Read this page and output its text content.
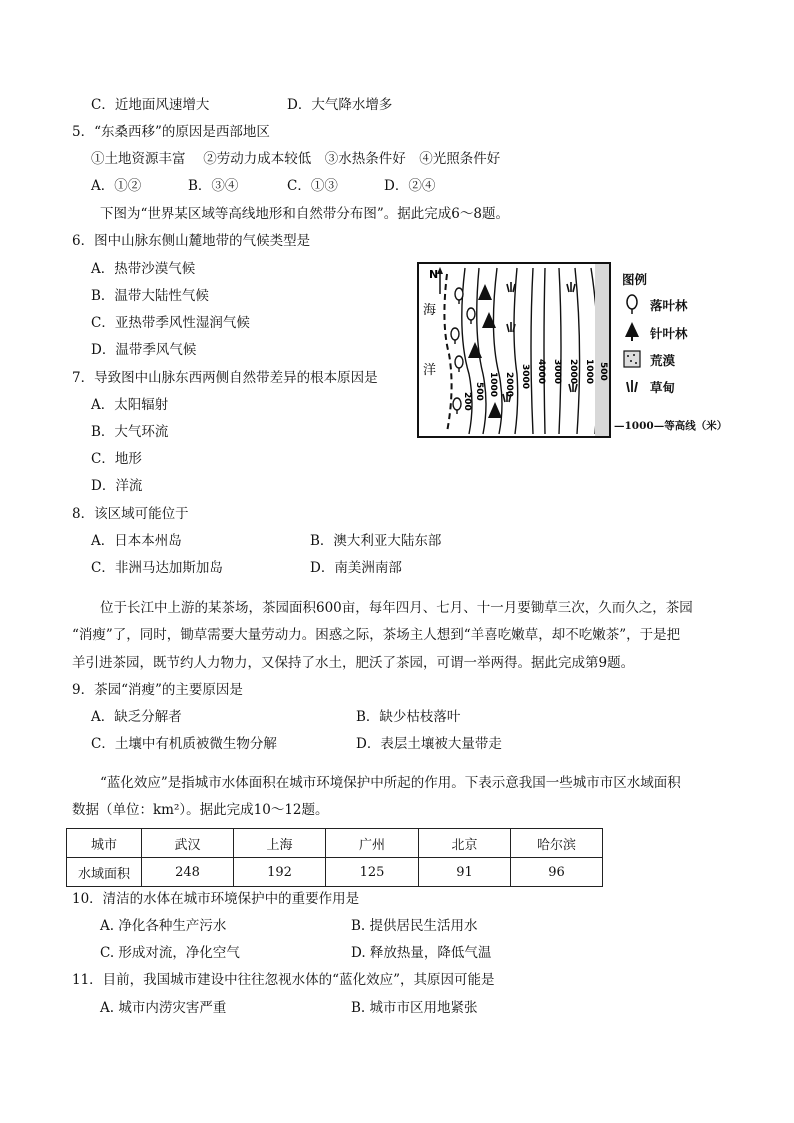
C．近地面风速增大	D．大气降水增多
5．“东桑西移”的原因是西部地区
①土地资源丰富　 ②劳动力成本较低　③水热条件好　④光照条件好
A．①②	B．③④	C．①③	D．②④
下图为“世界某区域等高线地形和自然带分布图”。据此完成6～8题。
6．图中山脉东侧山麓地带的气候类型是
A．热带沙漠气候
B．温带大陆性气候
C．亚热带季风性湿润气候
D．温带季风气候
7．导致图中山脉东西两侧自然带差异的根本原因是
A．太阳辐射
B．大气环流
C．地形
D．洋流
8．该区域可能位于
A．日本本州岛	B．澳大利亚大陆东部
C．非洲马达加斯加岛	D．南美洲南部
位于长江中上游的某茶场，茶园面积600亩，每年四月、七月、十一月要锄草三次，久而久之，茶园
“消瘦”了，同时，锄草需要大量劳动力。困惑之际，茶场主人想到“羊喜吃嫩草，却不吃嫩茶”，于是把
羊引进茶园，既节约人力物力，又保持了水土，肥沃了茶园，可谓一举两得。据此完成第9题。
9．茶园“消瘦”的主要原因是
A．缺乏分解者	B．缺少枯枝落叶
C．土壤中有机质被微生物分解	D．表层土壤被大量带走
“蓝化效应”是指城市水体面积在城市环境保护中所起的作用。下表示意我国一些城市市区水域面积
数据（单位：km²）。据此完成10～12题。
城市	武汉	上海	广州	北京	哈尔滨
水域面积	248	192	125	91	96
10．清洁的水体在城市环境保护中的重要作用是
A. 净化各种生产污水	B. 提供居民生活用水
C. 形成对流，净化空气	D. 释放热量，降低气温
11．目前，我国城市建设中往往忽视水体的“蓝化效应”，其原因可能是
A. 城市内涝灾害严重	B. 城市市区用地紧张
N
海
洋
200
500 1000 2000 3000 4000 3000 2000 1000 500
图例
落叶林
针叶林
荒漠
草甸
—1000—等高线（米）
